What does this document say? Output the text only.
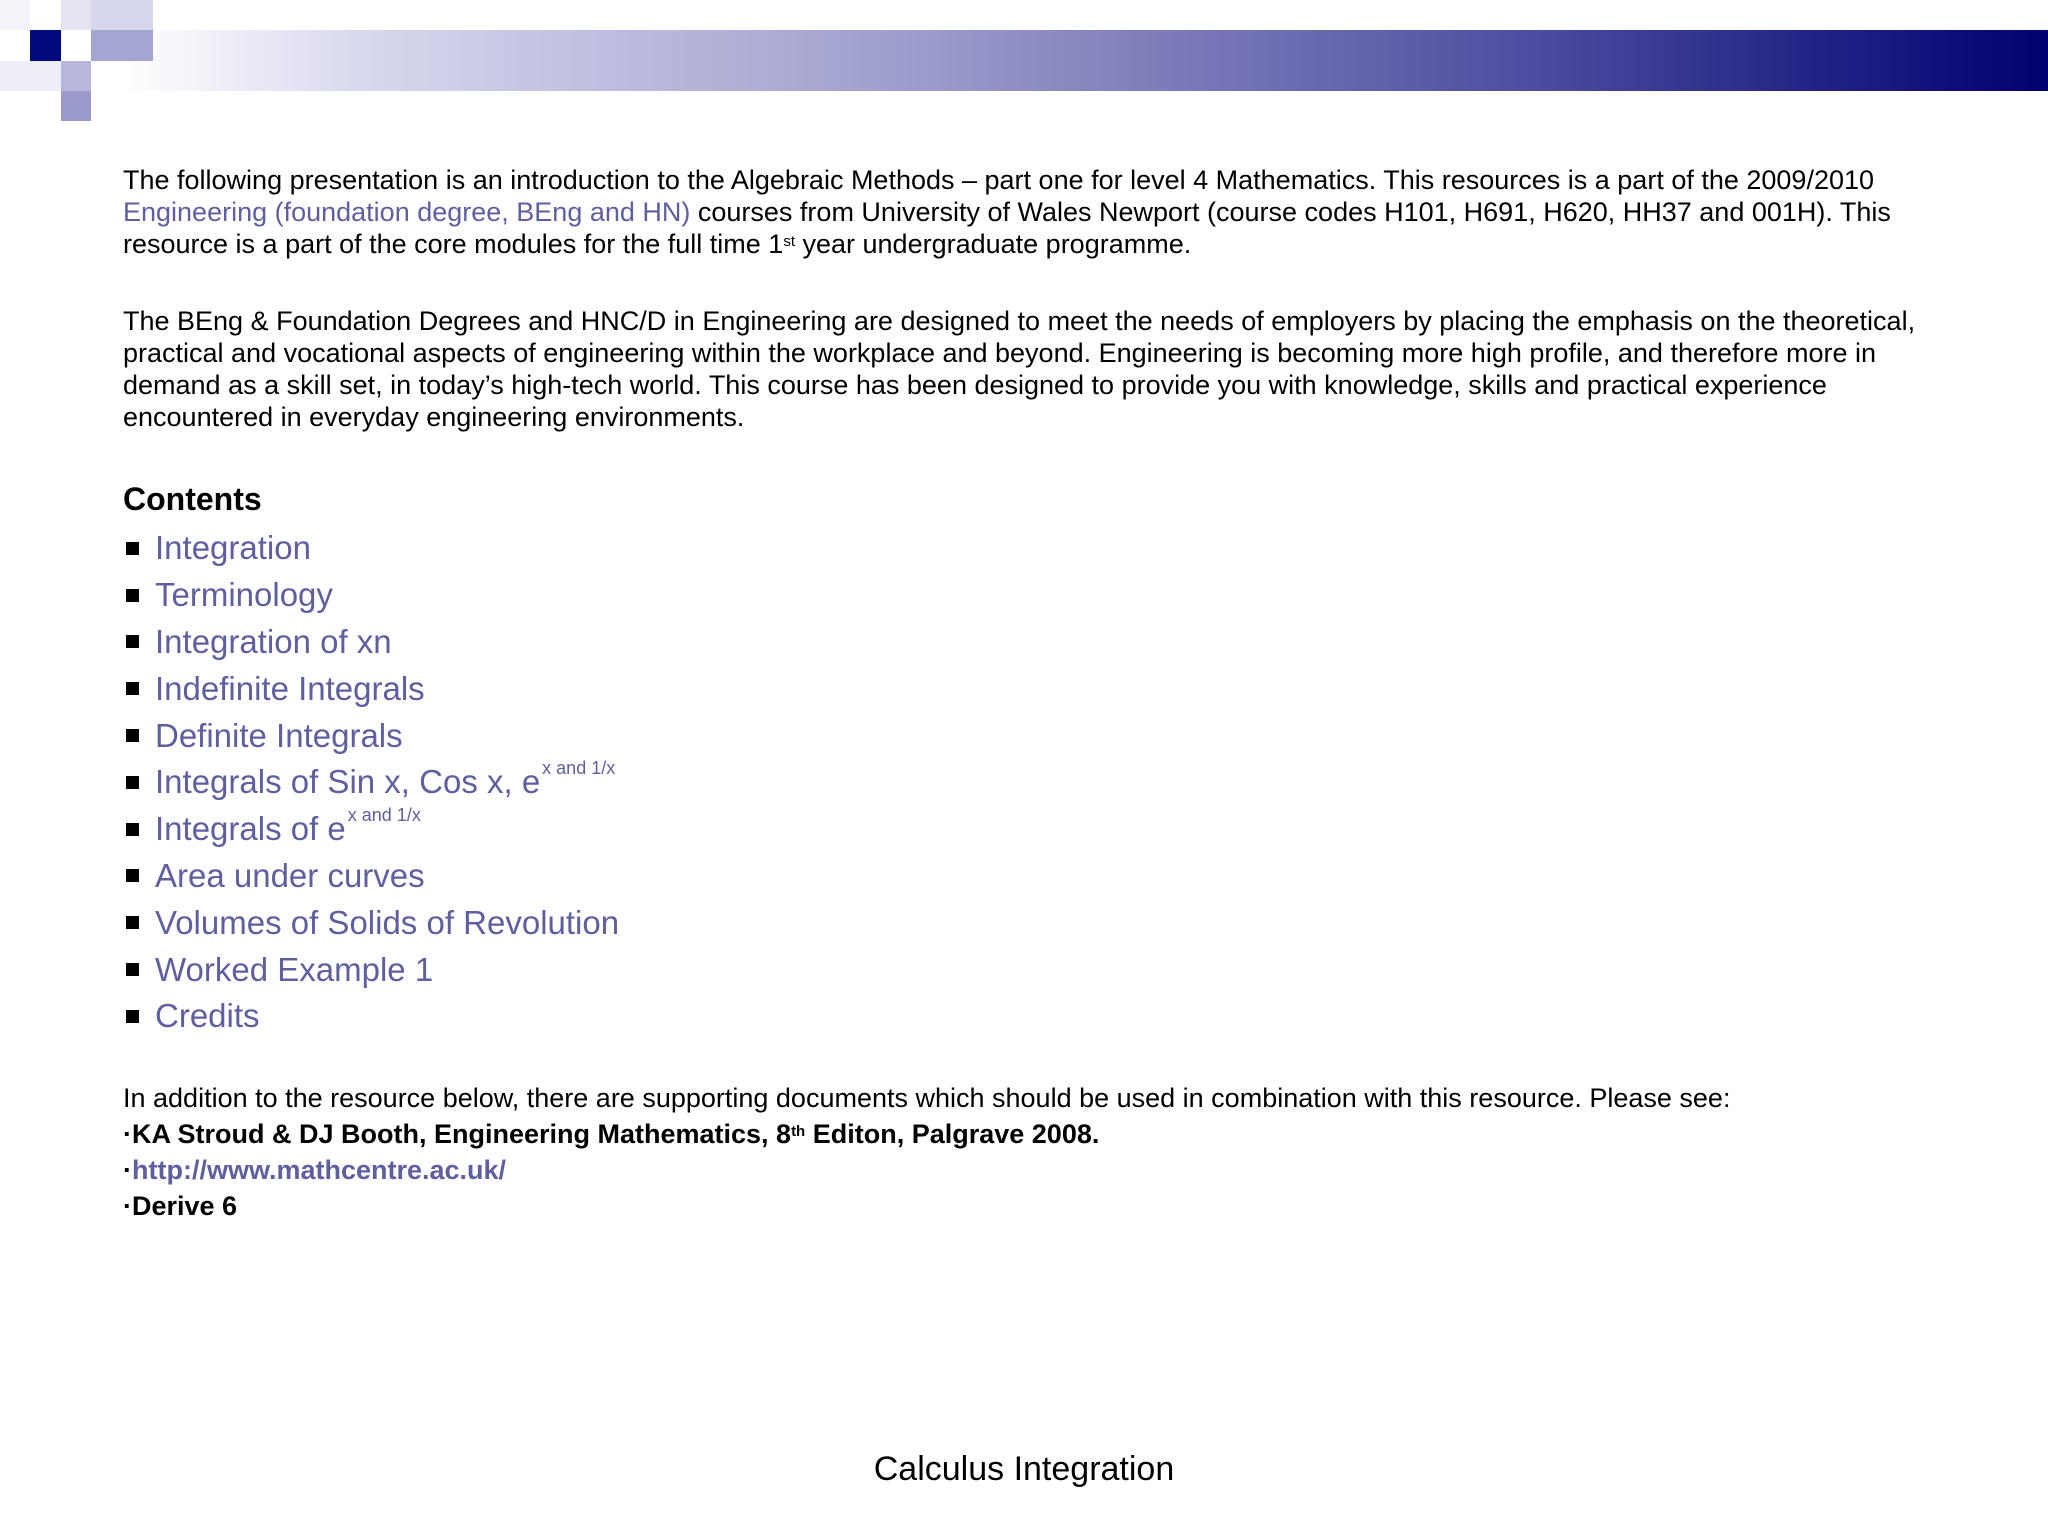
The following presentation is an introduction to the Algebraic Methods – part one for level 4 Mathematics. This resources is a part of the 2009/2010 Engineering (foundation degree, BEng and HN) courses from University of Wales Newport (course codes H101, H691, H620, HH37 and 001H). This resource is a part of the core modules for the full time 1st year undergraduate programme.

The BEng & Foundation Degrees and HNC/D in Engineering are designed to meet the needs of employers by placing the emphasis on the theoretical, practical and vocational aspects of engineering within the workplace and beyond. Engineering is becoming more high profile, and therefore more in demand as a skill set, in today’s high-tech world. This course has been designed to provide you with knowledge, skills and practical experience encountered in everyday engineering environments.

Contents
Integration
Terminology
Integration of xn
Indefinite Integrals
Definite Integrals
Integrals of Sin x, Cos x, e x and 1/x
Integrals of e x and 1/x
Area under curves
Volumes of Solids of Revolution
Worked Example 1
Credits
In addition to the resource below, there are supporting documents which should be used in combination with this resource. Please see:
·KA Stroud & DJ Booth, Engineering Mathematics, 8th Editon, Palgrave 2008.
·http://www.mathcentre.ac.uk/
·Derive 6
Calculus Integration
